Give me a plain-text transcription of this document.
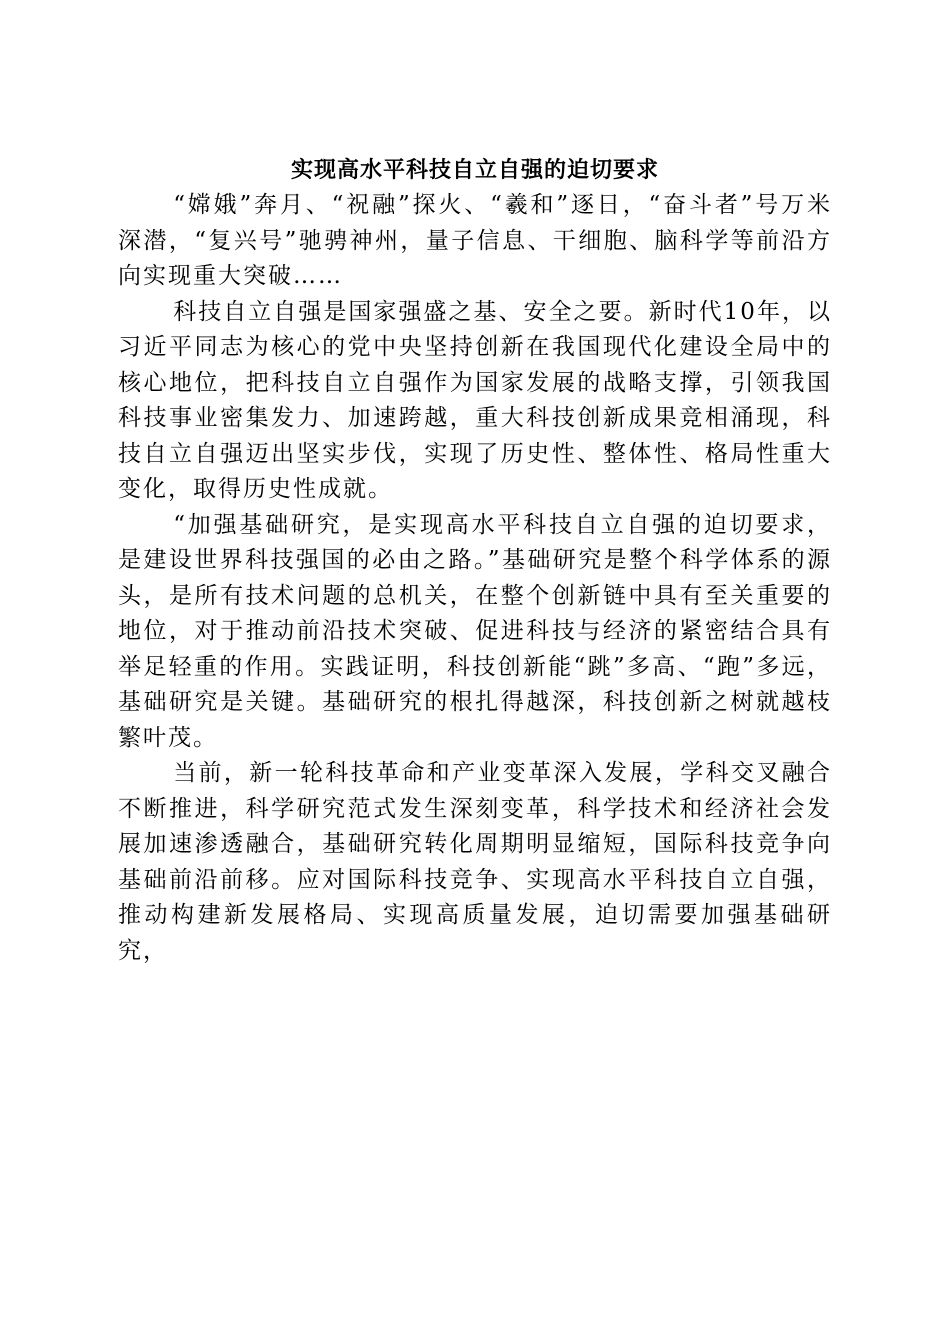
实现高水平科技自立自强的迫切要求

“嫦娥”奔月、“祝融”探火、“羲和”逐日，“奋斗者”号万米深潜，“复兴号”驰骋神州，量子信息、干细胞、脑科学等前沿方向实现重大突破……

科技自立自强是国家强盛之基、安全之要。新时代10年，以习近平同志为核心的党中央坚持创新在我国现代化建设全局中的核心地位，把科技自立自强作为国家发展的战略支撑，引领我国科技事业密集发力、加速跨越，重大科技创新成果竞相涌现，科技自立自强迈出坚实步伐，实现了历史性、整体性、格局性重大变化，取得历史性成就。

“加强基础研究，是实现高水平科技自立自强的迫切要求，是建设世界科技强国的必由之路。”基础研究是整个科学体系的源头，是所有技术问题的总机关，在整个创新链中具有至关重要的地位，对于推动前沿技术突破、促进科技与经济的紧密结合具有举足轻重的作用。实践证明，科技创新能“跳”多高、“跑”多远，基础研究是关键。基础研究的根扎得越深，科技创新之树就越枝繁叶茂。

当前，新一轮科技革命和产业变革深入发展，学科交叉融合不断推进，科学研究范式发生深刻变革，科学技术和经济社会发展加速渗透融合，基础研究转化周期明显缩短，国际科技竞争向基础前沿前移。应对国际科技竞争、实现高水平科技自立自强，推动构建新发展格局、实现高质量发展，迫切需要加强基础研究，
